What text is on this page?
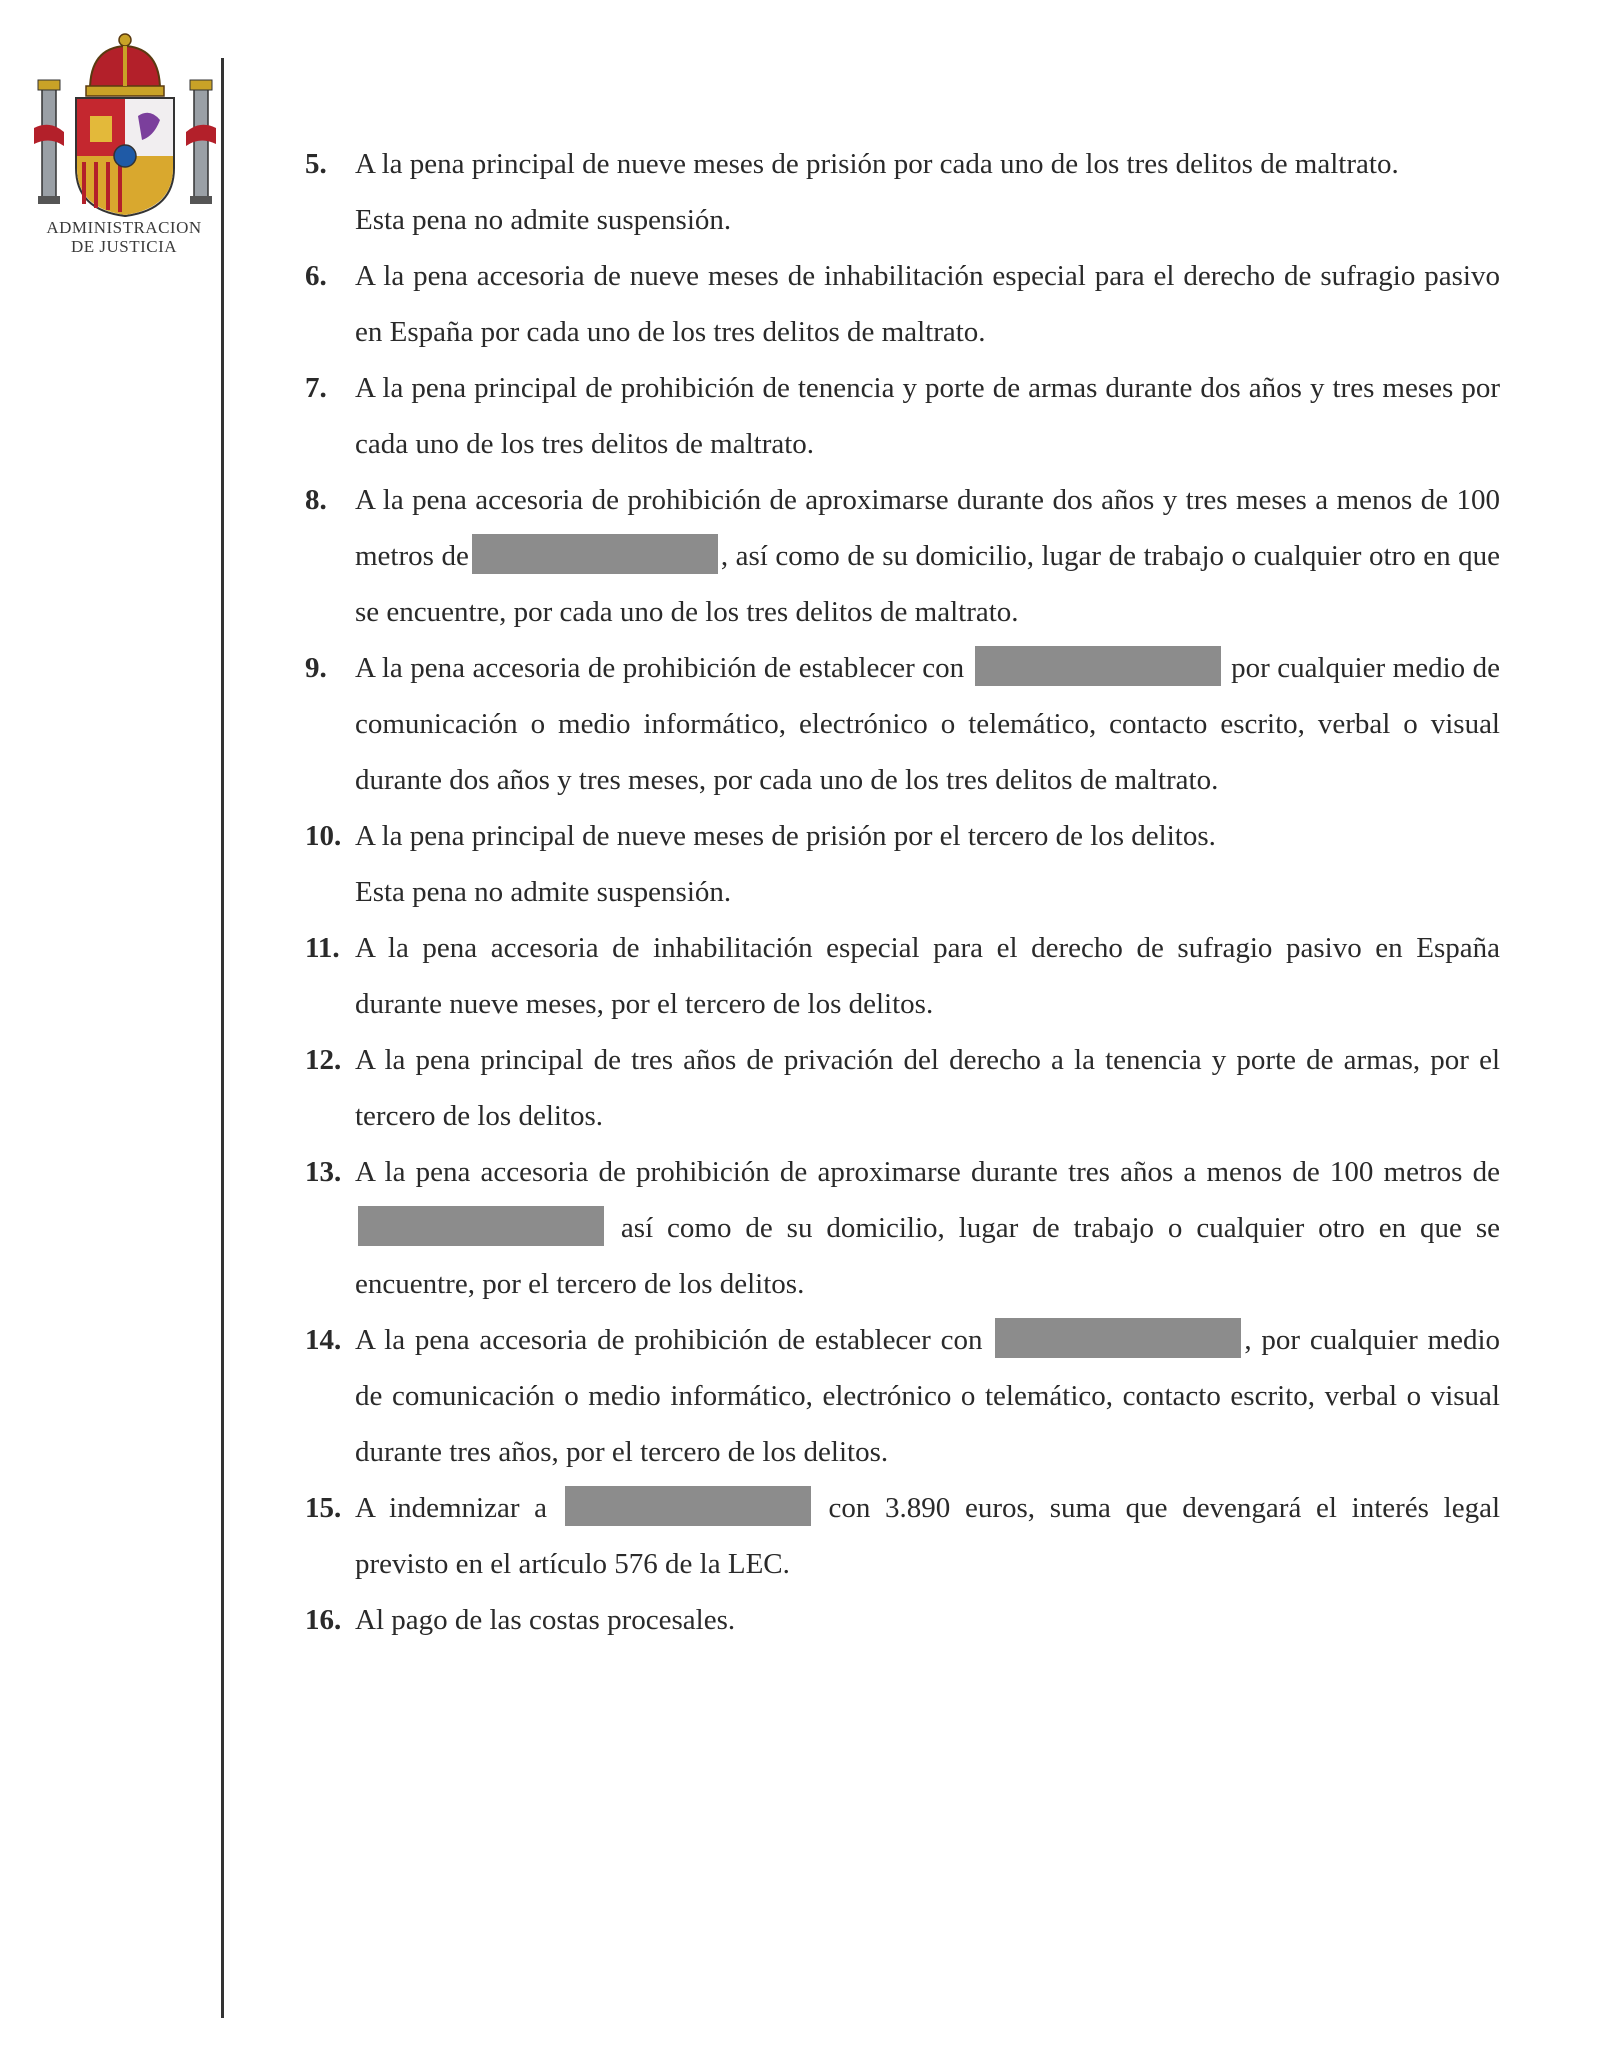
ADMINISTRACION
DE JUSTICIA
5. A la pena principal de nueve meses de prisión por cada uno de los tres delitos de maltrato.
Esta pena no admite suspensión.
6. A la pena accesoria de nueve meses de inhabilitación especial para el derecho de sufragio pasivo en España por cada uno de los tres delitos de maltrato.
7. A la pena principal de prohibición de tenencia y porte de armas durante dos años y tres meses por cada uno de los tres delitos de maltrato.
8. A la pena accesoria de prohibición de aproximarse durante dos años y tres meses a menos de 100 metros de	, así como de su domicilio, lugar de trabajo o cualquier otro en que se encuentre, por cada uno de los tres delitos de maltrato.
9. A la pena accesoria de prohibición de establecer con	por cualquier medio de comunicación o medio informático, electrónico o telemático, contacto escrito, verbal o visual durante dos años y tres meses, por cada uno de los tres delitos de maltrato.
10. A la pena principal de nueve meses de prisión por el tercero de los delitos.
Esta pena no admite suspensión.
11. A la pena accesoria de inhabilitación especial para el derecho de sufragio pasivo en España durante nueve meses, por el tercero de los delitos.
12. A la pena principal de tres años de privación del derecho a la tenencia y porte de armas, por el tercero de los delitos.
13. A la pena accesoria de prohibición de aproximarse durante tres años a menos de 100 metros de  así como de su domicilio, lugar de trabajo o cualquier otro en que se encuentre, por el tercero de los delitos.
14. A la pena accesoria de prohibición de establecer con	, por cualquier medio de comunicación o medio informático, electrónico o telemático, contacto escrito, verbal o visual durante tres años, por el tercero de los delitos.
15. A indemnizar a	con 3.890 euros, suma que devengará el interés legal previsto en el artículo 576 de la LEC.
16. Al pago de las costas procesales.
